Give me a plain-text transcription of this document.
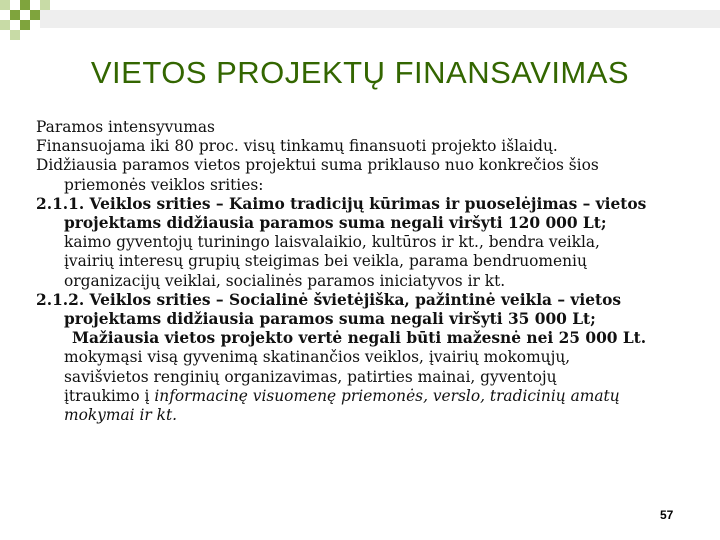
VIETOS PROJEKTŲ FINANSAVIMAS

Paramos intensyvumas

Finansuojama iki 80 proc. visų tinkamų finansuoti projekto išlaidų.

Didžiausia paramos vietos projektui suma priklauso nuo konkrečios šios

priemonės veiklos srities:

2.1.1. Veiklos srities – Kaimo tradicijų kūrimas ir puoselėjimas – vietos

projektams didžiausia paramos suma negali viršyti 120 000 Lt;

kaimo gyventojų turiningo laisvalaikio, kultūros ir kt., bendra veikla,

įvairių interesų grupių steigimas bei veikla, parama bendruomenių

organizacijų veiklai, socialinės paramos iniciatyvos ir kt.

2.1.2. Veiklos srities – Socialinė švietėjiška, pažintinė veikla – vietos

projektams didžiausia paramos suma negali viršyti 35 000 Lt;

Mažiausia vietos projekto vertė negali būti mažesnė nei 25 000 Lt.

mokymąsi visą gyvenimą skatinančios veiklos, įvairių mokomųjų,

savišvietos renginių organizavimas, patirties mainai, gyventojų

įtraukimo į informacinę visuomenę priemonės, verslo, tradicinių amatų

mokymai ir kt.

57
